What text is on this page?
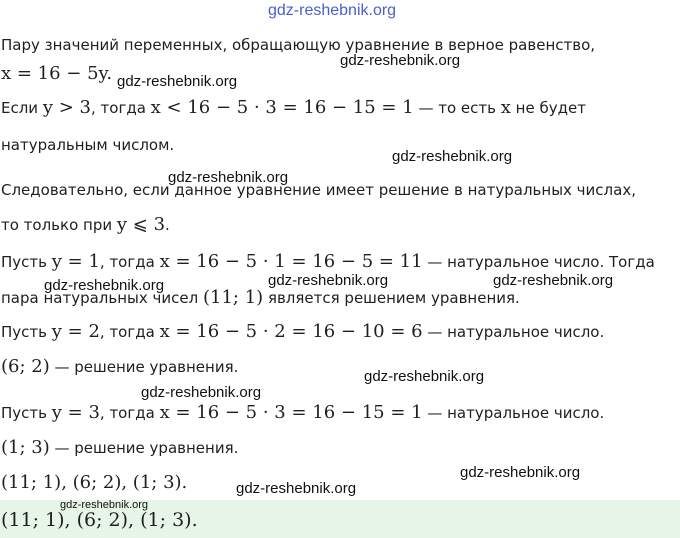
gdz-reshebnik.org
Пару значений переменных, обращающую уравнение в верное равенство,
x = 16 − 5y.
Если y > 3, тогда x < 16 − 5 · 3 = 16 − 15 = 1 — то есть x не будет
натуральным числом.
Следовательно, если данное уравнение имеет решение в натуральных числах,
то только при y ⩽ 3.
Пусть y = 1, тогда x = 16 − 5 · 1 = 16 − 5 = 11 — натуральное число. Тогда
пара натуральных чисел (11; 1) является решением уравнения.
Пусть y = 2, тогда x = 16 − 5 · 2 = 16 − 10 = 6 — натуральное число.
(6; 2) — решение уравнения.
Пусть y = 3, тогда x = 16 − 5 · 3 = 16 − 15 = 1 — натуральное число.
(1; 3) — решение уравнения.
(11; 1), (6; 2), (1; 3).
(11; 1), (6; 2), (1; 3).
gdz-reshebnik.org
gdz-reshebnik.org
gdz-reshebnik.org
gdz-reshebnik.org
gdz-reshebnik.org	gdz-reshebnik.org	gdz-reshebnik.org
gdz-reshebnik.org
gdz-reshebnik.org
gdz-reshebnik.org
gdz-reshebnik.org
gdz-reshebnik.org
